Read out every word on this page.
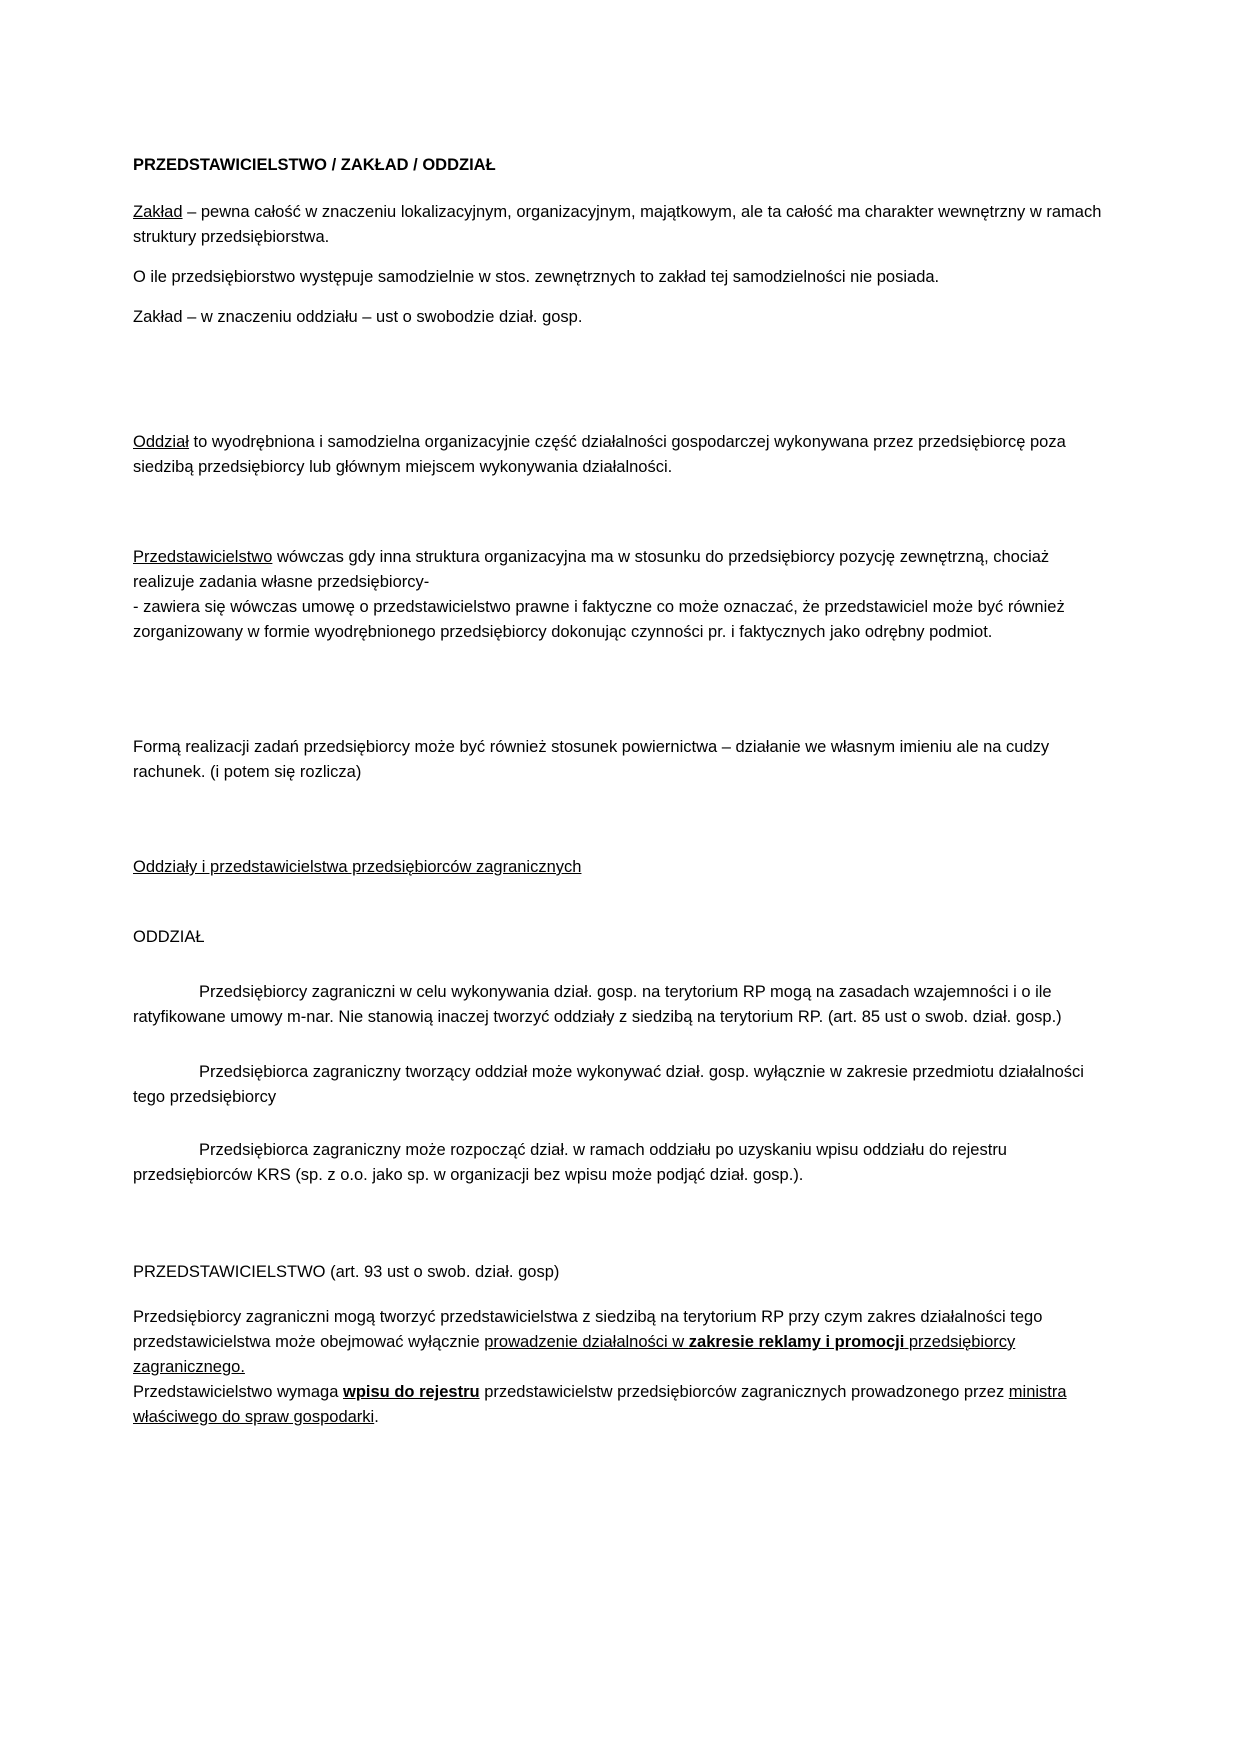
PRZEDSTAWICIELSTWO / ZAKŁAD / ODDZIAŁ

Zakład – pewna całość w znaczeniu lokalizacyjnym, organizacyjnym, majątkowym, ale ta całość ma charakter wewnętrzny w ramach struktury przedsiębiorstwa.

O ile przedsiębiorstwo występuje samodzielnie w stos. zewnętrznych to zakład tej samodzielności nie posiada.

Zakład – w znaczeniu oddziału – ust o swobodzie dział. gosp.

Oddział to wyodrębniona i samodzielna organizacyjnie część działalności gospodarczej wykonywana przez przedsiębiorcę poza siedzibą przedsiębiorcy lub głównym miejscem wykonywania działalności.

Przedstawicielstwo wówczas gdy inna struktura organizacyjna ma w stosunku do przedsiębiorcy pozycję zewnętrzną, chociaż realizuje zadania własne przedsiębiorcy-
- zawiera się wówczas umowę o przedstawicielstwo prawne i faktyczne co może oznaczać, że przedstawiciel może być również zorganizowany w formie wyodrębnionego przedsiębiorcy dokonując czynności pr. i faktycznych jako odrębny podmiot.

Formą realizacji zadań przedsiębiorcy może być również stosunek powiernictwa – działanie we własnym imieniu ale na cudzy rachunek. (i potem się rozlicza)

Oddziały i przedstawicielstwa przedsiębiorców zagranicznych

ODDZIAŁ

Przedsiębiorcy zagraniczni w celu wykonywania dział. gosp. na terytorium RP mogą na zasadach wzajemności i o ile ratyfikowane umowy m-nar. Nie stanowią inaczej tworzyć oddziały z siedzibą na terytorium RP. (art. 85 ust o swob. dział. gosp.)

Przedsiębiorca zagraniczny tworzący oddział może wykonywać dział. gosp. wyłącznie w zakresie przedmiotu działalności tego przedsiębiorcy

Przedsiębiorca zagraniczny może rozpocząć dział. w ramach oddziału po uzyskaniu wpisu oddziału do rejestru przedsiębiorców KRS (sp. z o.o. jako sp. w organizacji bez wpisu może podjąć dział. gosp.).

PRZEDSTAWICIELSTWO (art. 93 ust o swob. dział. gosp)

Przedsiębiorcy zagraniczni mogą tworzyć przedstawicielstwa z siedzibą na terytorium RP przy czym zakres działalności tego przedstawicielstwa może obejmować wyłącznie prowadzenie działalności w zakresie reklamy i promocji przedsiębiorcy zagranicznego.
Przedstawicielstwo wymaga wpisu do rejestru przedstawicielstw przedsiębiorców zagranicznych prowadzonego przez ministra właściwego do spraw gospodarki.
